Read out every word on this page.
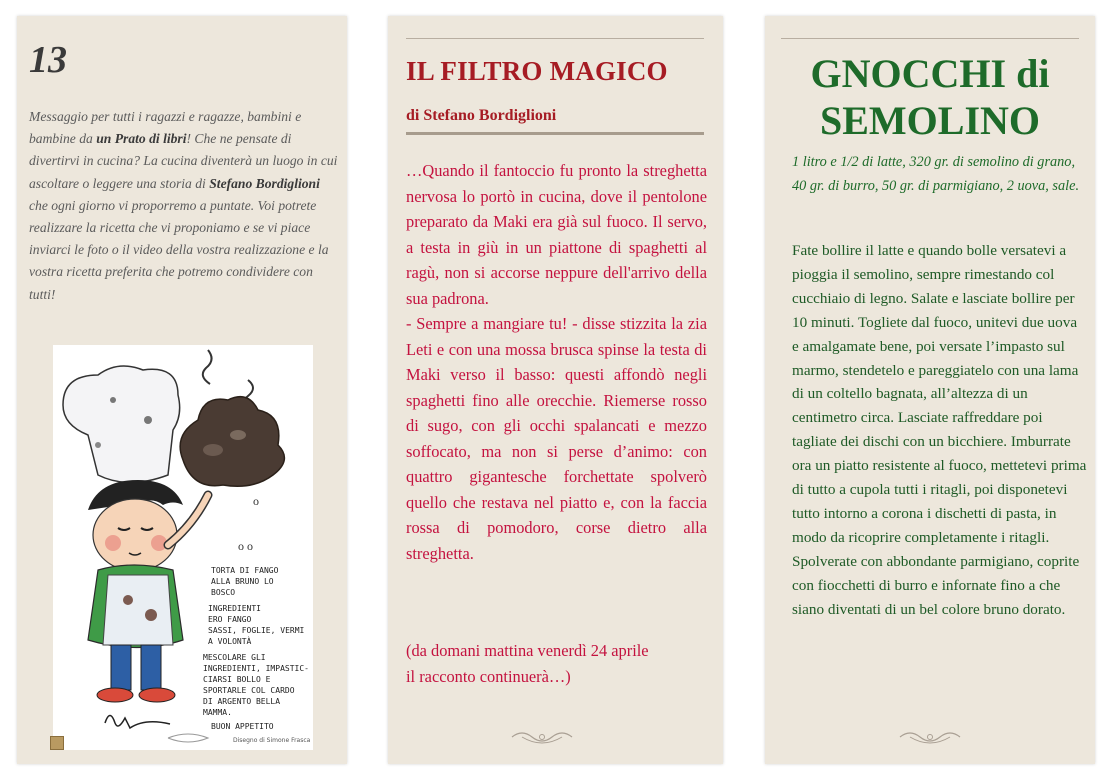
13
Messaggio per tutti i ragazzi e ragazze, bambini e bambine da un Prato di libri! Che ne pensate di divertirvi in cucina? La cucina diventerà un luogo in cui ascoltare o leggere una storia di Stefano Bordiglioni che ogni giorno vi proporremo a puntate. Voi potrete realizzare la ricetta che vi proponiamo e se vi piace inviarci le foto o il video della vostra realizzazione e la vostra ricetta preferita che potremo condividere con tutti!
o
o o
TORTA DI FANGO
ALLA BRUNO LO
BOSCO
INGREDIENTI
ERO FANGO
SASSI, FOGLIE, VERMI
A VOLONTÀ
MESCOLARE GLI
INGREDIENTI, IMPASTIC-
CIARSI BOLLO E
SPORTARLE COL CARDO
DI ARGENTO BELLA
MAMMA.
BUON APPETITO
Disegno di Simone Frasca
IL FILTRO MAGICO
di Stefano Bordiglioni

…Quando il fantoccio fu pronto la streghetta nervosa lo portò in cucina, dove il pentolone preparato da Maki era già sul fuoco. Il servo, a testa in giù in un piattone di spaghetti al ragù, non si accorse neppure dell'arrivo della sua padrona.

- Sempre a mangiare tu! - disse stizzita la zia Leti e con una mossa brusca spinse la testa di Maki verso il basso: questi affondò negli spaghetti fino alle orecchie. Riemerse rosso di sugo, con gli occhi spalancati e mezzo soffocato, ma non si perse d’animo: con quattro gigantesche forchettate spolverò quello che restava nel piatto e, con la faccia rossa di pomodoro, corse dietro alla streghetta.

(da domani mattina venerdì 24 aprile
il racconto continuerà…)
GNOCCHI di
SEMOLINO
1 litro e 1/2 di latte, 320 gr. di semolino di grano, 40 gr. di burro, 50 gr. di parmigiano, 2 uova, sale.
Fate bollire il latte e quando bolle versatevi a pioggia il semolino, sempre rimestando col cucchiaio di legno. Salate e lasciate bollire per 10 minuti. Togliete dal fuoco, unitevi due uova e amalgamate bene, poi versate l’impasto sul marmo, stendetelo e pareggiatelo con una lama di un coltello bagnata, all’altezza di un centimetro circa. Lasciate raffreddare poi tagliate dei dischi con un bicchiere. Imburrate ora un piatto resistente al fuoco, mettetevi prima di tutto a cupola tutti i ritagli, poi disponetevi tutto intorno a corona i dischetti di pasta, in modo da ricoprire completamente i ritagli. Spolverate con abbondante parmigiano, coprite con fiocchetti di burro e infornate fino a che siano diventati di un bel colore bruno dorato.
